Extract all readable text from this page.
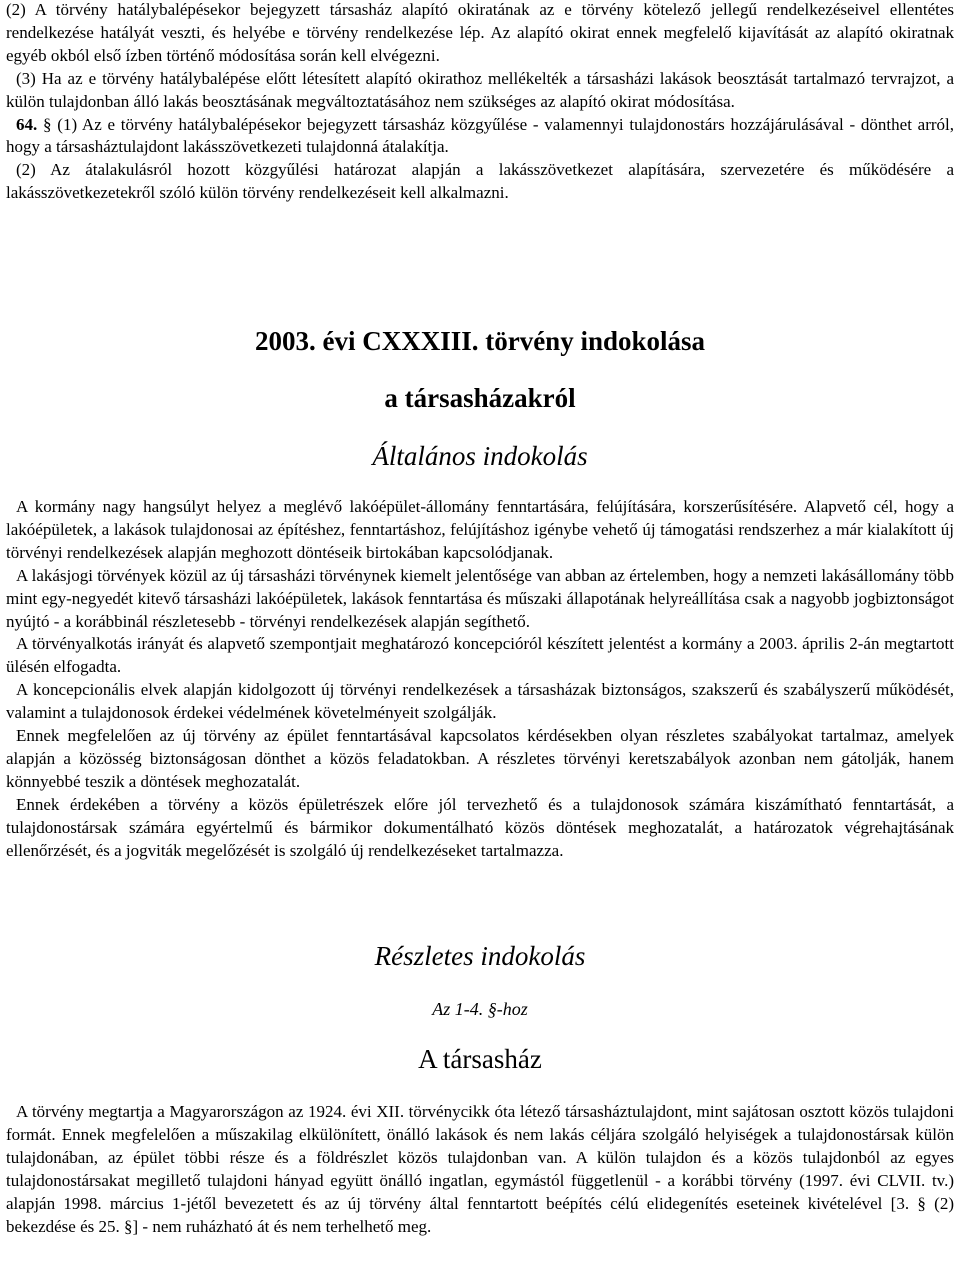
(2) A törvény hatálybalépésekor bejegyzett társasház alapító okiratának az e törvény kötelező jellegű rendelkezéseivel ellentétes rendelkezése hatályát veszti, és helyébe e törvény rendelkezése lép. Az alapító okirat ennek megfelelő kijavítását az alapító okiratnak egyéb okból első ízben történő módosítása során kell elvégezni.

(3) Ha az e törvény hatálybalépése előtt létesített alapító okirathoz mellékelték a társasházi lakások beosztását tartalmazó tervrajzot, a külön tulajdonban álló lakás beosztásának megváltoztatásához nem szükséges az alapító okirat módosítása.

64. § (1) Az e törvény hatálybalépésekor bejegyzett társasház közgyűlése - valamennyi tulajdonostárs hozzájárulásával - dönthet arról, hogy a társasháztulajdont lakásszövetkezeti tulajdonná átalakítja.

(2) Az átalakulásról hozott közgyűlési határozat alapján a lakásszövetkezet alapítására, szervezetére és működésére a lakásszövetkezetekről szóló külön törvény rendelkezéseit kell alkalmazni.

2003. évi CXXXIII. törvény indokolása
a társasházakról
Általános indokolás

A kormány nagy hangsúlyt helyez a meglévő lakóépület-állomány fenntartására, felújítására, korszerűsítésére. Alapvető cél, hogy a lakóépületek, a lakások tulajdonosai az építéshez, fenntartáshoz, felújításhoz igénybe vehető új támogatási rendszerhez a már kialakított új törvényi rendelkezések alapján meghozott döntéseik birtokában kapcsolódjanak.

A lakásjogi törvények közül az új társasházi törvénynek kiemelt jelentősége van abban az értelemben, hogy a nemzeti lakásállomány több mint egy-negyedét kitevő társasházi lakóépületek, lakások fenntartása és műszaki állapotának helyreállítása csak a nagyobb jogbiztonságot nyújtó - a korábbinál részletesebb - törvényi rendelkezések alapján segíthető.

A törvényalkotás irányát és alapvető szempontjait meghatározó koncepcióról készített jelentést a kormány a 2003. április 2-án megtartott ülésén elfogadta.

A koncepcionális elvek alapján kidolgozott új törvényi rendelkezések a társasházak biztonságos, szakszerű és szabályszerű működését, valamint a tulajdonosok érdekei védelmének követelményeit szolgálják.

Ennek megfelelően az új törvény az épület fenntartásával kapcsolatos kérdésekben olyan részletes szabályokat tartalmaz, amelyek alapján a közösség biztonságosan dönthet a közös feladatokban. A részletes törvényi keretszabályok azonban nem gátolják, hanem könnyebbé teszik a döntések meghozatalát.

Ennek érdekében a törvény a közös épületrészek előre jól tervezhető és a tulajdonosok számára kiszámítható fenntartását, a tulajdonostársak számára egyértelmű és bármikor dokumentálható közös döntések meghozatalát, a határozatok végrehajtásának ellenőrzését, és a jogviták megelőzését is szolgáló új rendelkezéseket tartalmazza.

Részletes indokolás
Az 1-4. §-hoz
A társasház

A törvény megtartja a Magyarországon az 1924. évi XII. törvénycikk óta létező társasháztulajdont, mint sajátosan osztott közös tulajdoni formát. Ennek megfelelően a műszakilag elkülönített, önálló lakások és nem lakás céljára szolgáló helyiségek a tulajdonostársak külön tulajdonában, az épület többi része és a földrészlet közös tulajdonban van. A külön tulajdon és a közös tulajdonból az egyes tulajdonostársakat megillető tulajdoni hányad együtt önálló ingatlan, egymástól függetlenül - a korábbi törvény (1997. évi CLVII. tv.) alapján 1998. március 1-jétől bevezetett és az új törvény által fenntartott beépítés célú elidegenítés eseteinek kivételével [3. § (2) bekezdése és 25. §] - nem ruházható át és nem terhelhető meg.
